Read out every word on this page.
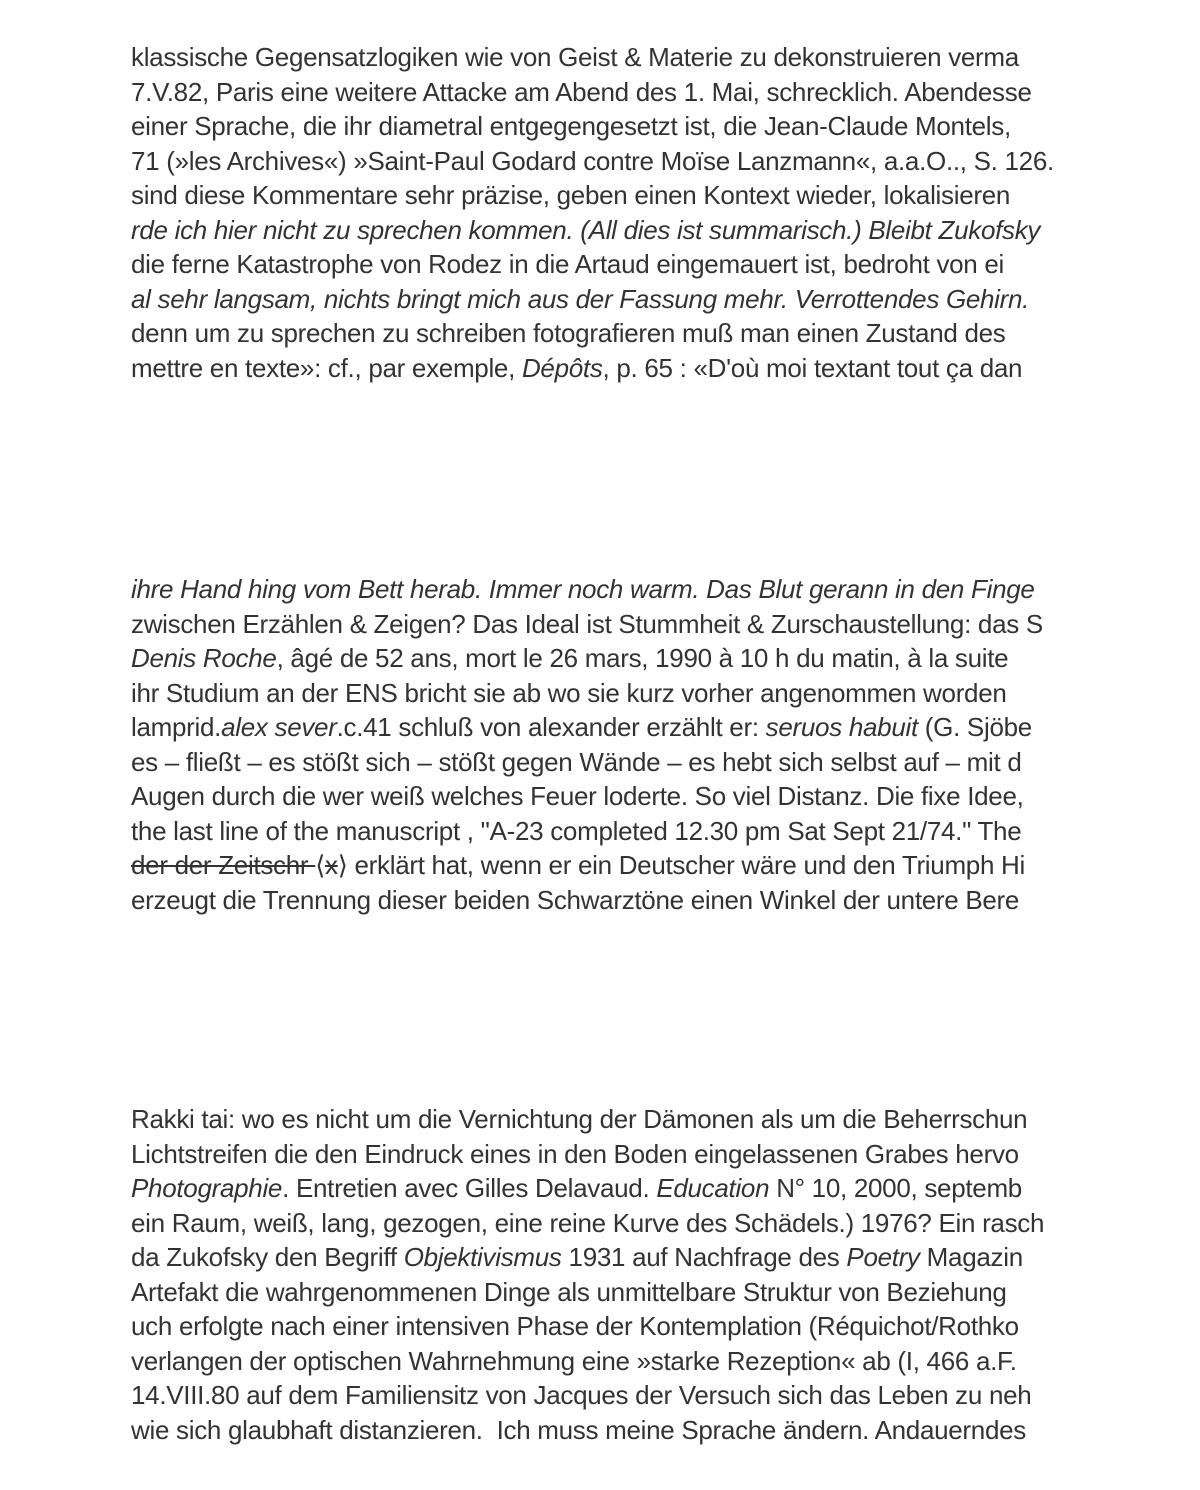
klassische Gegensatzlogiken wie von Geist & Materie zu dekonstruieren verma
7.V.82, Paris eine weitere Attacke am Abend des 1. Mai, schrecklich. Abendesse
einer Sprache, die ihr diametral entgegengesetzt ist, die Jean-Claude Montels,
71 (»les Archives«) »Saint-Paul Godard contre Moïse Lanzmann«, a.a.O.., S. 126.
sind diese Kommentare sehr präzise, geben einen Kontext wieder, lokalisieren
rde ich hier nicht zu sprechen kommen. (All dies ist summarisch.) Bleibt Zukofsky
die ferne Katastrophe von Rodez in die Artaud eingemauert ist, bedroht von ei
al sehr langsam, nichts bringt mich aus der Fassung mehr. Verrottendes Gehirn.
denn um zu sprechen zu schreiben fotografieren muß man einen Zustand des
mettre en texte»: cf., par exemple, Dépôts, p. 65 : «D'où moi textant tout ça dan
ihre Hand hing vom Bett herab. Immer noch warm. Das Blut gerann in den Finge
zwischen Erzählen & Zeigen? Das Ideal ist Stummheit & Zurschaustellung: das S
Denis Roche, âgé de 52 ans, mort le 26 mars, 1990 à 10 h du matin, à la suite
ihr Studium an der ENS bricht sie ab wo sie kurz vorher angenommen worden
lamprid.alex sever.c.41 schluß von alexander erzählt er: seruos habuit (G. Sjöbe
es – fließt – es stößt sich – stößt gegen Wände – es hebt sich selbst auf – mit d
Augen durch die wer weiß welches Feuer loderte. So viel Distanz. Die fixe Idee,
the last line of the manuscript , "A-23 completed 12.30 pm Sat Sept 21/74." The
der der Zeitschr ⟨x⟩ erklärt hat, wenn er ein Deutscher wäre und den Triumph Hi
erzeugt die Trennung dieser beiden Schwarztöne einen Winkel der untere Bere
Rakki tai: wo es nicht um die Vernichtung der Dämonen als um die Beherrschun
Lichtstreifen die den Eindruck eines in den Boden eingelassenen Grabes hervo
Photographie. Entretien avec Gilles Delavaud. Education N° 10, 2000, septemb
ein Raum, weiß, lang, gezogen, eine reine Kurve des Schädels.) 1976? Ein rasch
da Zukofsky den Begriff Objektivismus 1931 auf Nachfrage des Poetry Magazin
Artefakt die wahrgenommenen Dinge als unmittelbare Struktur von Beziehung
uch erfolgte nach einer intensiven Phase der Kontemplation (Réquichot/Rothko
verlangen der optischen Wahrnehmung eine »starke Rezeption« ab (I, 466 a.F.
14.VIII.80 auf dem Familiensitz von Jacques der Versuch sich das Leben zu neh
wie sich glaubhaft distanzieren.  Ich muss meine Sprache ändern. Andauerndes
